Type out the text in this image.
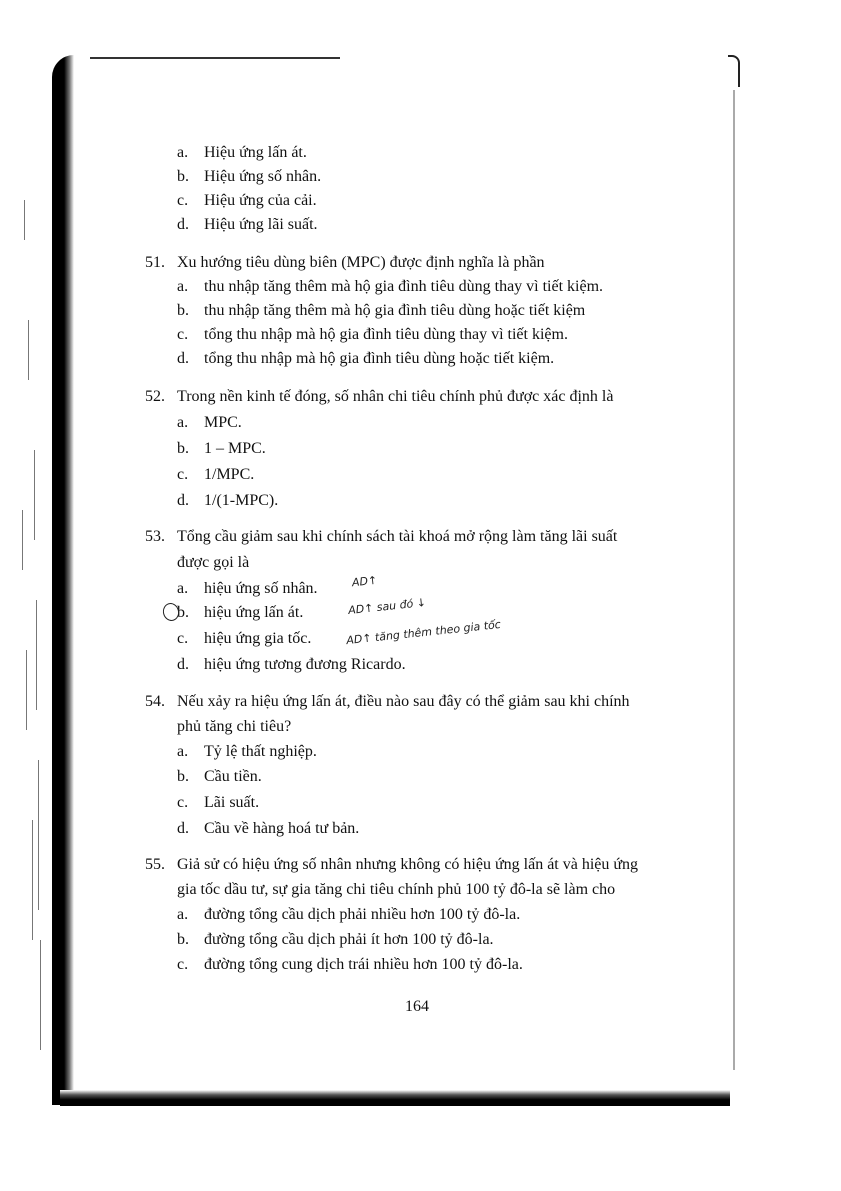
a. Hiệu ứng lấn át.
b. Hiệu ứng số nhân.
c. Hiệu ứng của cải.
d. Hiệu ứng lãi suất.
51. Xu hướng tiêu dùng biên (MPC) được định nghĩa là phần
a. thu nhập tăng thêm mà hộ gia đình tiêu dùng thay vì tiết kiệm.
b. thu nhập tăng thêm mà hộ gia đình tiêu dùng hoặc tiết kiệm
c. tổng thu nhập mà hộ gia đình tiêu dùng thay vì tiết kiệm.
d. tổng thu nhập mà hộ gia đình tiêu dùng hoặc tiết kiệm.
52. Trong nền kinh tế đóng, số nhân chi tiêu chính phủ được xác định là
a. MPC.
b. 1 – MPC.
c. 1/MPC.
d. 1/(1-MPC).
53. Tổng cầu giảm sau khi chính sách tài khoá mở rộng làm tăng lãi suất
được gọi là
a. hiệu ứng số nhân.
b. hiệu ứng lấn át.
c. hiệu ứng gia tốc.
d. hiệu ứng tương đương Ricardo.
AD↑
AD↑ sau đó ↓
AD↑ tăng thêm theo gia tốc
54. Nếu xảy ra hiệu ứng lấn át, điều nào sau đây có thể giảm sau khi chính
phủ tăng chi tiêu?
a. Tỷ lệ thất nghiệp.
b. Cầu tiền.
c. Lãi suất.
d. Cầu về hàng hoá tư bản.
55. Giả sử có hiệu ứng số nhân nhưng không có hiệu ứng lấn át và hiệu ứng
gia tốc dầu tư, sự gia tăng chi tiêu chính phủ 100 tỷ đô-la sẽ làm cho
a. đường tổng cầu dịch phải nhiều hơn 100 tỷ đô-la.
b. đường tổng cầu dịch phải ít hơn 100 tỷ đô-la.
c. đường tổng cung dịch trái nhiều hơn 100 tỷ đô-la.
164
